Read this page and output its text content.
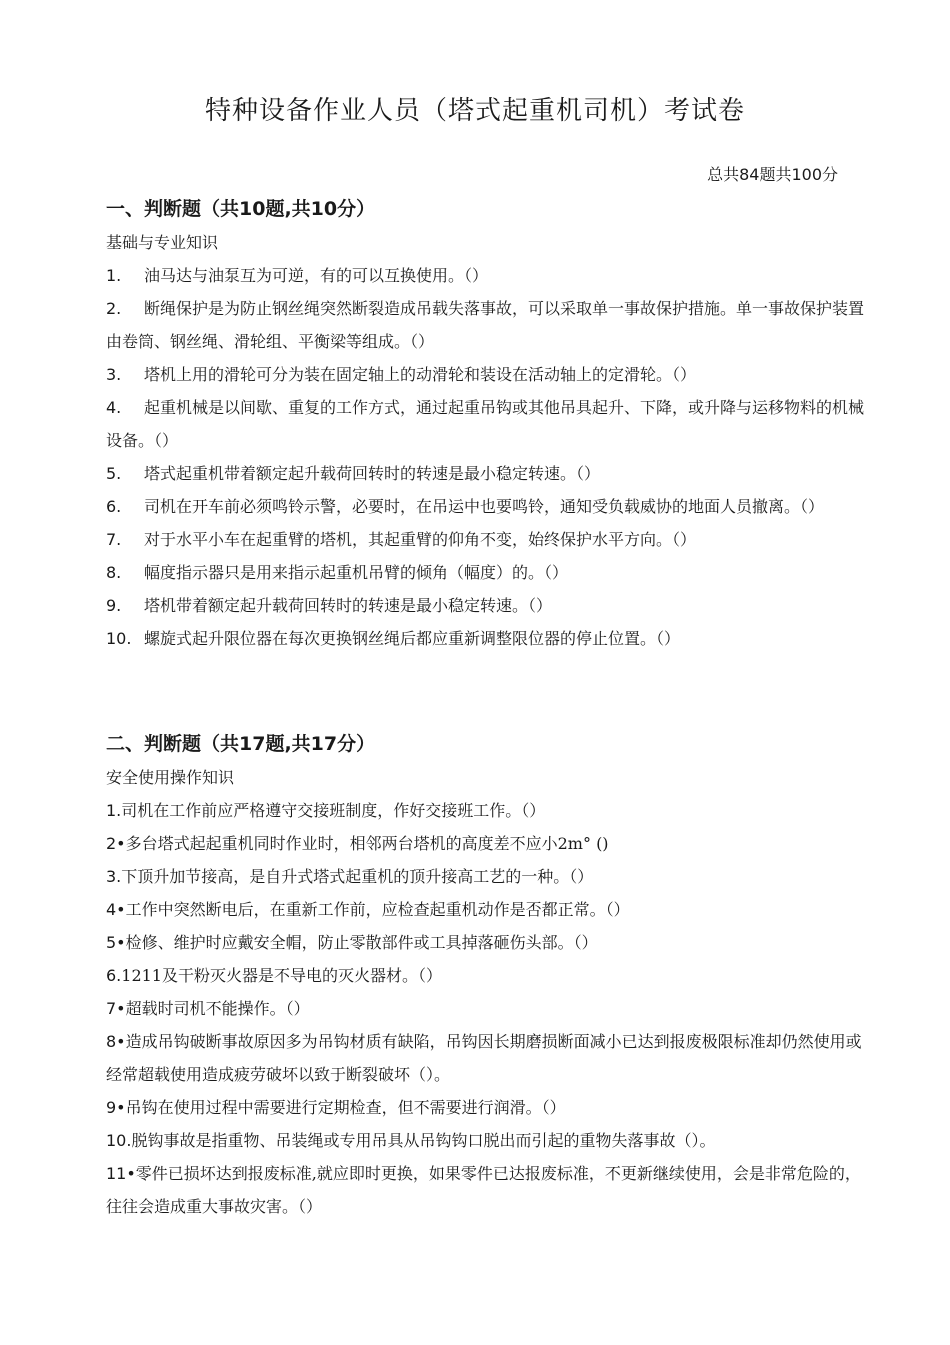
特种设备作业人员（塔式起重机司机）考试卷
总共84题共100分
一、判断题（共10题,共10分）
基础与专业知识

1. 油马达与油泵互为可逆，有的可以互换使用。（）

2. 断绳保护是为防止钢丝绳突然断裂造成吊载失落事故，可以采取单一事故保护措施。单一事故保护装置由卷筒、钢丝绳、滑轮组、平衡梁等组成。（）

3. 塔机上用的滑轮可分为装在固定轴上的动滑轮和装设在活动轴上的定滑轮。（）

4. 起重机械是以间歇、重复的工作方式，通过起重吊钩或其他吊具起升、下降，或升降与运移物料的机械设备。（）

5. 塔式起重机带着额定起升载荷回转时的转速是最小稳定转速。（）

6. 司机在开车前必须鸣铃示警，必要时，在吊运中也要鸣铃，通知受负载威协的地面人员撤离。（）

7. 对于水平小车在起重臂的塔机，其起重臂的仰角不变，始终保护水平方向。（）

8. 幅度指示器只是用来指示起重机吊臂的倾角（幅度）的。（）

9. 塔机带着额定起升载荷回转时的转速是最小稳定转速。（）

10. 螺旋式起升限位器在每次更换钢丝绳后都应重新调整限位器的停止位置。（）

二、判断题（共17题,共17分）
安全使用操作知识

1.司机在工作前应严格遵守交接班制度，作好交接班工作。（）

2•多台塔式起起重机同时作业时，相邻两台塔机的高度差不应小2m° ()

3.下顶升加节接高，是自升式塔式起重机的顶升接高工艺的一种。（）

4•工作中突然断电后，在重新工作前，应检查起重机动作是否都正常。（）

5•检修、维护时应戴安全帽，防止零散部件或工具掉落砸伤头部。（）

6.1211及干粉灭火器是不导电的灭火器材。（）

7•超载时司机不能操作。（）

8•造成吊钩破断事故原因多为吊钩材质有缺陷，吊钩因长期磨损断面减小已达到报废极限标准却仍然使用或经常超载使用造成疲劳破坏以致于断裂破坏（）。

9•吊钩在使用过程中需要进行定期检查，但不需要进行润滑。（）

10.脱钩事故是指重物、吊装绳或专用吊具从吊钩钩口脱出而引起的重物失落事故（）。

11•零件已损坏达到报废标准,就应即时更换，如果零件已达报废标准，不更新继续使用，会是非常危险的，往往会造成重大事故灾害。（）
